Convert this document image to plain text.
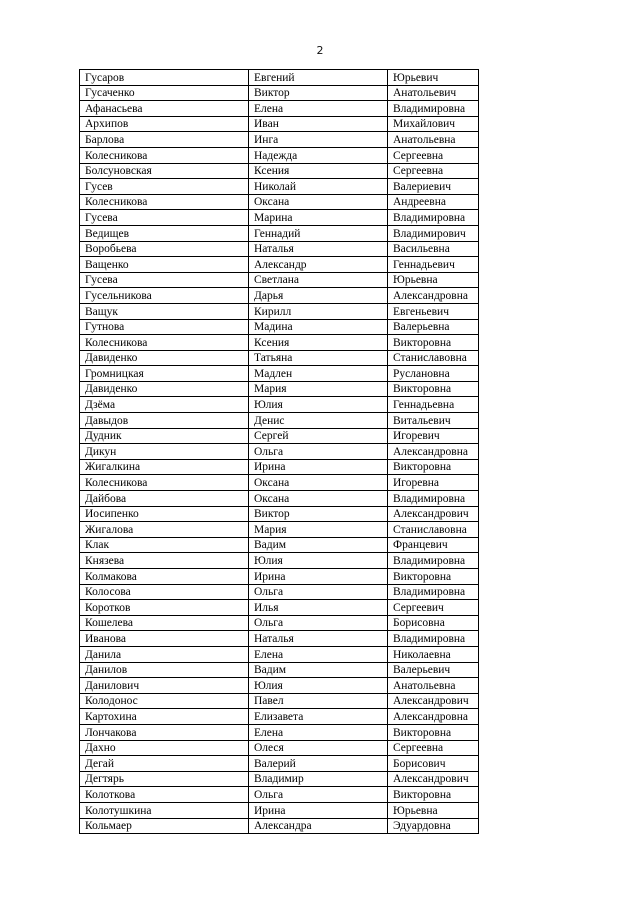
2
Гусаров	Евгений	Юрьевич
Гусаченко	Виктор	Анатольевич
Афанасьева	Елена	Владимировна
Архипов	Иван	Михайлович
Барлова	Инга	Анатольевна
Колесникова	Надежда	Сергеевна
Болсуновская	Ксения	Сергеевна
Гусев	Николай	Валериевич
Колесникова	Оксана	Андреевна
Гусева	Марина	Владимировна
Ведищев	Геннадий	Владимирович
Воробьева	Наталья	Васильевна
Ващенко	Александр	Геннадьевич
Гусева	Светлана	Юрьевна
Гусельникова	Дарья	Александровна
Ващук	Кирилл	Евгеньевич
Гутнова	Мадина	Валерьевна
Колесникова	Ксения	Викторовна
Давиденко	Татьяна	Станиславовна
Громницкая	Мадлен	Руслановна
Давиденко	Мария	Викторовна
Дзёма	Юлия	Геннадьевна
Давыдов	Денис	Витальевич
Дудник	Сергей	Игоревич
Дикун	Ольга	Александровна
Жигалкина	Ирина	Викторовна
Колесникова	Оксана	Игоревна
Дайбова	Оксана	Владимировна
Иосипенко	Виктор	Александрович
Жигалова	Мария	Станиславовна
Клак	Вадим	Францевич
Князева	Юлия	Владимировна
Колмакова	Ирина	Викторовна
Колосова	Ольга	Владимировна
Коротков	Илья	Сергеевич
Кошелева	Ольга	Борисовна
Иванова	Наталья	Владимировна
Данила	Елена	Николаевна
Данилов	Вадим	Валерьевич
Данилович	Юлия	Анатольевна
Колодонос	Павел	Александрович
Картохина	Елизавета	Александровна
Лончакова	Елена	Викторовна
Дахно	Олеся	Сергеевна
Дегай	Валерий	Борисович
Дегтярь	Владимир	Александрович
Колоткова	Ольга	Викторовна
Колотушкина	Ирина	Юрьевна
Кольмаер	Александра	Эдуардовна
